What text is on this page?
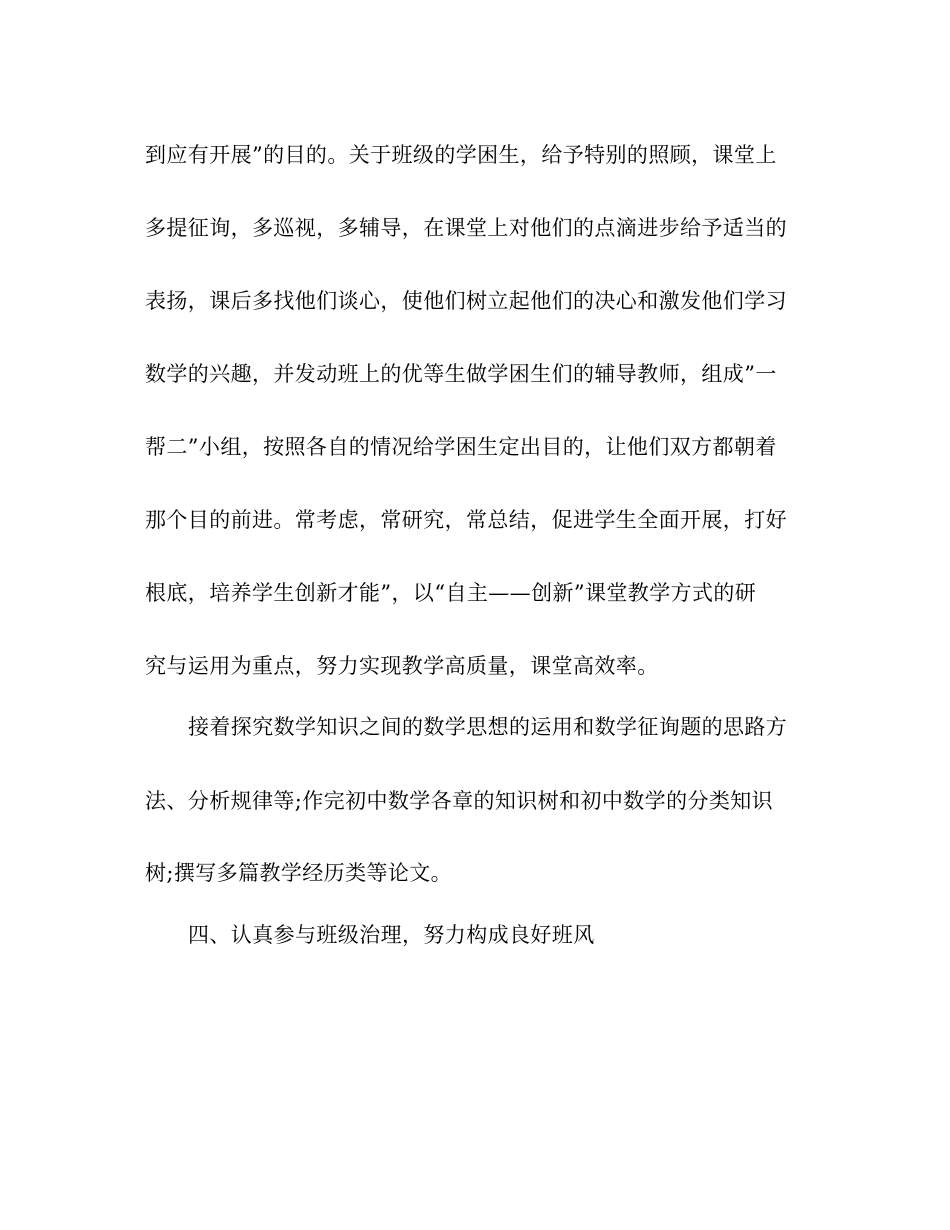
到应有开展”的目的。关于班级的学困生，给予特别的照顾，课堂上
多提征询，多巡视，多辅导，在课堂上对他们的点滴进步给予适当的
表扬，课后多找他们谈心，使他们树立起他们的决心和激发他们学习
数学的兴趣，并发动班上的优等生做学困生们的辅导教师，组成”一
帮二”小组，按照各自的情况给学困生定出目的，让他们双方都朝着
那个目的前进。常考虑，常研究，常总结，促进学生全面开展，打好
根底，培养学生创新才能”，以“自主——创新”课堂教学方式的研
究与运用为重点，努力实现教学高质量，课堂高效率。
接着探究数学知识之间的数学思想的运用和数学征询题的思路方
法、分析规律等;作完初中数学各章的知识树和初中数学的分类知识
树;撰写多篇教学经历类等论文。
四、认真参与班级治理，努力构成良好班风
